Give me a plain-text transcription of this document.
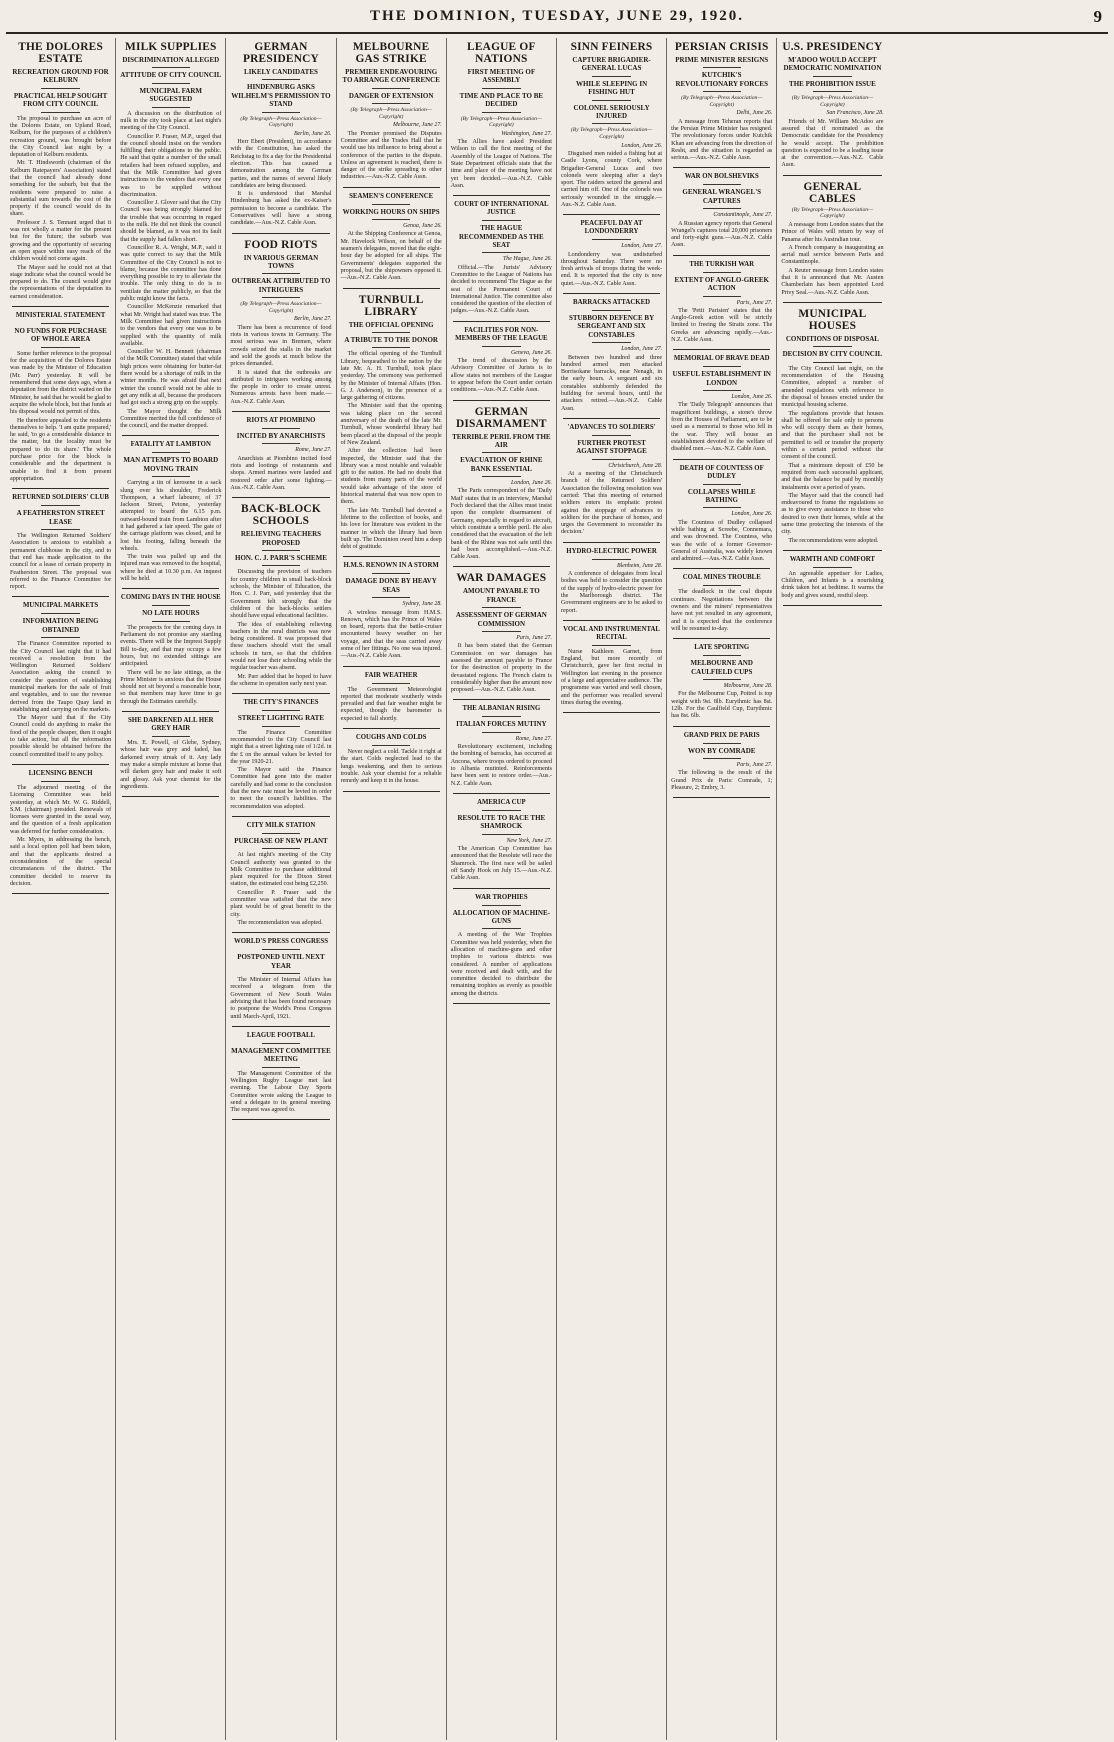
THE DOMINION, TUESDAY, JUNE 29, 1920.	9
THE DOLORES ESTATE
RECREATION GROUND FOR KELBURN
PRACTICAL HELP SOUGHT FROM CITY COUNCIL

The proposal to purchase an acre of the Dolores Estate, on Upland Road, Kelburn, for the purposes of a children's recreation ground, was brought before the City Council last night by a deputation of Kelburn residents.

Mr. T. Hindsworth (chairman of the Kelburn Ratepayers' Association) stated that the council had already done something for the suburb, but that the residents were prepared to raise a substantial sum towards the cost of the property if the council would do its share.

Professor J. S. Tennant urged that it was not wholly a matter for the present but for the future; the suburb was growing and the opportunity of securing an open space within easy reach of the children would not come again.

The Mayor said he could not at that stage indicate what the council would be prepared to do. The council would give the representations of the deputation its earnest consideration.

MINISTERIAL STATEMENT
NO FUNDS FOR PURCHASE OF WHOLE AREA

Some further reference to the proposal for the acquisition of the Dolores Estate was made by the Minister of Education (Mr. Parr) yesterday. It will be remembered that some days ago, when a deputation from the district waited on the Minister, he said that he would be glad to acquire the whole block, but that funds at his disposal would not permit of this.

He therefore appealed to the residents themselves to help. 'I am quite prepared,' he said, 'to go a considerable distance in the matter, but the locality must be prepared to do its share.' The whole purchase price for the block is considerable and the department is unable to find it from present appropriation.

RETURNED SOLDIERS' CLUB
A FEATHERSTON STREET LEASE

The Wellington Returned Soldiers' Association is anxious to establish a permanent clubhouse in the city, and to that end has made application to the council for a lease of certain property in Featherston Street. The proposal was referred to the Finance Committee for report.

MUNICIPAL MARKETS
INFORMATION BEING OBTAINED

The Finance Committee reported to the City Council last night that it had received a resolution from the Wellington Returned Soldiers' Association asking the council to consider the question of establishing municipal markets for the sale of fruit and vegetables, and to use the revenue derived from the Taupo Quay land in establishing and carrying on the markets.

The Mayor said that if the City Council could do anything to make the food of the people cheaper, then it ought to take action, but all the information possible should be obtained before the council committed itself to any policy.

LICENSING BENCH

The adjourned meeting of the Licensing Committee was held yesterday, at which Mr. W. G. Riddell, S.M. (chairman) presided. Renewals of licenses were granted in the usual way, and the question of a fresh application was deferred for further consideration.

Mr. Myers, in addressing the bench, said a local option poll had been taken, and that the applicants desired a reconsideration of the special circumstances of the district. The committee decided to reserve its decision.

MILK SUPPLIES
DISCRIMINATION ALLEGED
ATTITUDE OF CITY COUNCIL
MUNICIPAL FARM SUGGESTED

A discussion on the distribution of milk in the city took place at last night's meeting of the City Council.

Councillor P. Fraser, M.P., urged that the council should insist on the vendors fulfilling their obligations to the public. He said that quite a number of the small retailers had been refused supplies, and that the Milk Committee had given instructions to the vendors that every one was to be supplied without discrimination.

Councillor J. Glover said that the City Council was being strongly blamed for the trouble that was occurring in regard to the milk. He did not think the council should be blamed, as it was not its fault that the supply had fallen short.

Councillor R. A. Wright, M.P., said it was quite correct to say that the Milk Committee of the City Council is not to blame, because the committee has done everything possible to try to alleviate the trouble. The only thing to do is to ventilate the matter publicly, so that the public might know the facts.

Councillor McKenzie remarked that what Mr. Wright had stated was true. The Milk Committee had given instructions to the vendors that every one was to be supplied with the quantity of milk available.

Councillor W. H. Bennett (chairman of the Milk Committee) stated that while high prices were obtaining for butter-fat there would be a shortage of milk in the winter months. He was afraid that next winter the council would not be able to get any milk at all, because the producers had got such a strong grip on the supply.

The Mayor thought the Milk Committee merited the full confidence of the council, and the matter dropped.

FATALITY AT LAMBTON
MAN ATTEMPTS TO BOARD MOVING TRAIN

Carrying a tin of kerosene in a sack slung over his shoulder, Frederick Thompson, a wharf labourer, of 37 Jackson Street, Petone, yesterday attempted to board the 6.15 p.m. outward-bound train from Lambton after it had gathered a fair speed. The gate of the carriage platform was closed, and he lost his footing, falling beneath the wheels.

The train was pulled up and the injured man was removed to the hospital, where he died at 10.30 p.m. An inquest will be held.

COMING DAYS IN THE HOUSE
NO LATE HOURS

The prospects for the coming days in Parliament do not promise any startling events. There will be the Imprest Supply Bill to-day, and that may occupy a few hours, but no extended sittings are anticipated.

There will be no late sittings, as the Prime Minister is anxious that the House should not sit beyond a reasonable hour, so that members may have time to go through the Estimates carefully.

SHE DARKENED ALL HER GREY HAIR

Mrs. E. Powell, of Glebe, Sydney, whose hair was grey and faded, has darkened every streak of it. Any lady may make a simple mixture at home that will darken grey hair and make it soft and glossy. Ask your chemist for the ingredients.

GERMAN PRESIDENCY
LIKELY CANDIDATES
HINDENBURG ASKS WILHELM'S PERMISSION TO STAND
(By Telegraph—Press Association—Copyright)
Berlin, June 26.

Herr Ebert (President), in accordance with the Constitution, has asked the Reichstag to fix a day for the Presidential election. This has caused a demonstration among the German parties, and the names of several likely candidates are being discussed.

It is understood that Marshal Hindenburg has asked the ex-Kaiser's permission to become a candidate. The Conservatives will have a strong candidate.—Aus.-N.Z. Cable Assn.

FOOD RIOTS
IN VARIOUS GERMAN TOWNS
OUTBREAK ATTRIBUTED TO INTRIGUERS
(By Telegraph—Press Association—Copyright)
Berlin, June 27.

There has been a recurrence of food riots in various towns in Germany. The most serious was in Bremen, where crowds seized the stalls in the market and sold the goods at much below the prices demanded.

It is stated that the outbreaks are attributed to intriguers working among the people in order to create unrest. Numerous arrests have been made.—Aus.-N.Z. Cable Assn.

RIOTS AT PIOMBINO
INCITED BY ANARCHISTS
Rome, June 27.

Anarchists at Piombino incited food riots and lootings of restaurants and shops. Armed marines were landed and restored order after some fighting.—Aus.-N.Z. Cable Assn.

BACK-BLOCK SCHOOLS
RELIEVING TEACHERS PROPOSED
HON. C. J. PARR'S SCHEME

Discussing the provision of teachers for country children in small back-block schools, the Minister of Education, the Hon. C. J. Parr, said yesterday that the Government felt strongly that the children of the back-blocks settlers should have equal educational facilities.

The idea of establishing relieving teachers in the rural districts was now being considered. It was proposed that these teachers should visit the small schools in turn, so that the children would not lose their schooling while the regular teacher was absent.

Mr. Parr added that he hoped to have the scheme in operation early next year.

THE CITY'S FINANCES
STREET LIGHTING RATE

The Finance Committee recommended to the City Council last night that a street lighting rate of 1/2d. in the £ on the annual values be levied for the year 1920-21.

The Mayor said the Finance Committee had gone into the matter carefully and had come to the conclusion that the new rate must be levied in order to meet the council's liabilities. The recommendation was adopted.

CITY MILK STATION
PURCHASE OF NEW PLANT

At last night's meeting of the City Council authority was granted to the Milk Committee to purchase additional plant required for the Dixon Street station, the estimated cost being £2,250.

Councillor P. Fraser said the committee was satisfied that the new plant would be of great benefit to the city.

The recommendation was adopted.

WORLD'S PRESS CONGRESS
POSTPONED UNTIL NEXT YEAR

The Minister of Internal Affairs has received a telegram from the Government of New South Wales advising that it has been found necessary to postpone the World's Press Congress until March-April, 1921.

LEAGUE FOOTBALL
MANAGEMENT COMMITTEE MEETING

The Management Committee of the Wellington Rugby League met last evening. The Labour Day Sports Committee wrote asking the League to send a delegate to its general meeting. The request was agreed to.

MELBOURNE GAS STRIKE
PREMIER ENDEAVOURING TO ARRANGE CONFERENCE
DANGER OF EXTENSION
(By Telegraph—Press Association—Copyright)
Melbourne, June 27.

The Premier promised the Disputes Committee and the Trades Hall that he would use his influence to bring about a conference of the parties to the dispute. Unless an agreement is reached, there is danger of the strike spreading to other industries.—Aus.-N.Z. Cable Assn.

SEAMEN'S CONFERENCE
WORKING HOURS ON SHIPS
Genoa, June 26.

At the Shipping Conference at Genoa, Mr. Havelock Wilson, on behalf of the seamen's delegates, moved that the eight-hour day be adopted for all ships. The Governments' delegates supported the proposal, but the shipowners opposed it.—Aus.-N.Z. Cable Assn.

TURNBULL LIBRARY
THE OFFICIAL OPENING
A TRIBUTE TO THE DONOR

The official opening of the Turnbull Library, bequeathed to the nation by the late Mr. A. H. Turnbull, took place yesterday. The ceremony was performed by the Minister of Internal Affairs (Hon. G. J. Anderson), in the presence of a large gathering of citizens.

The Minister said that the opening was taking place on the second anniversary of the death of the late Mr. Turnbull, whose wonderful library had been placed at the disposal of the people of New Zealand.

After the collection had been inspected, the Minister said that the library was a most notable and valuable gift to the nation. He had no doubt that students from many parts of the world would take advantage of the store of historical material that was now open to them.

The late Mr. Turnbull had devoted a lifetime to the collection of books, and his love for literature was evident in the manner in which the library had been built up. The Dominion owed him a deep debt of gratitude.

H.M.S. RENOWN IN A STORM
DAMAGE DONE BY HEAVY SEAS
Sydney, June 28.

A wireless message from H.M.S. Renown, which has the Prince of Wales on board, reports that the battle-cruiser encountered heavy weather on her voyage, and that the seas carried away some of her fittings. No one was injured.—Aus.-N.Z. Cable Assn.

FAIR WEATHER

The Government Meteorologist reported that moderate southerly winds prevailed and that fair weather might be expected, though the barometer is expected to fall shortly.

COUGHS AND COLDS

Never neglect a cold. Tackle it right at the start. Colds neglected lead to the lungs weakening, and then to serious trouble. Ask your chemist for a reliable remedy and keep it in the house.

LEAGUE OF NATIONS
FIRST MEETING OF ASSEMBLY
TIME AND PLACE TO BE DECIDED
(By Telegraph—Press Association—Copyright)
Washington, June 27.

The Allies have asked President Wilson to call the first meeting of the Assembly of the League of Nations. The State Department officials state that the time and place of the meeting have not yet been decided.—Aus.-N.Z. Cable Assn.

COURT OF INTERNATIONAL JUSTICE
THE HAGUE RECOMMENDED AS THE SEAT
The Hague, June 26.

Official.—The Jurists' Advisory Committee to the League of Nations has decided to recommend The Hague as the seat of the Permanent Court of International Justice. The committee also considered the question of the election of judges.—Aus.-N.Z. Cable Assn.

FACILITIES FOR NON-MEMBERS OF THE LEAGUE
Geneva, June 26.

The trend of discussion by the Advisory Committee of Jurists is to allow states not members of the League to appear before the Court under certain conditions.—Aus.-N.Z. Cable Assn.

GERMAN DISARMAMENT
TERRIBLE PERIL FROM THE AIR
EVACUATION OF RHINE BANK ESSENTIAL
London, June 26.

The Paris correspondent of the 'Daily Mail' states that in an interview, Marshal Foch declared that the Allies must insist upon the complete disarmament of Germany, especially in regard to aircraft, which constitute a terrible peril. He also considered that the evacuation of the left bank of the Rhine was not safe until this had been accomplished.—Aus.-N.Z. Cable Assn.

WAR DAMAGES
AMOUNT PAYABLE TO FRANCE
ASSESSMENT OF GERMAN COMMISSION
Paris, June 27.

It has been stated that the German Commission on war damages has assessed the amount payable to France for the destruction of property in the devastated regions. The French claim is considerably higher than the amount now proposed.—Aus.-N.Z. Cable Assn.

THE ALBANIAN RISING
ITALIAN FORCES MUTINY
Rome, June 27.

Revolutionary excitement, including the bombing of barracks, has occurred at Ancona, where troops ordered to proceed to Albania mutinied. Reinforcements have been sent to restore order.—Aus.-N.Z. Cable Assn.

AMERICA CUP
RESOLUTE TO RACE THE SHAMROCK
New York, June 27.

The American Cup Committee has announced that the Resolute will race the Shamrock. The first race will be sailed off Sandy Hook on July 15.—Aus.-N.Z. Cable Assn.

WAR TROPHIES
ALLOCATION OF MACHINE-GUNS

A meeting of the War Trophies Committee was held yesterday, when the allocation of machine-guns and other trophies to various districts was considered. A number of applications were received and dealt with, and the committee decided to distribute the remaining trophies as evenly as possible among the districts.

SINN FEINERS
CAPTURE BRIGADIER-GENERAL LUCAS
WHILE SLEEPING IN FISHING HUT
COLONEL SERIOUSLY INJURED
(By Telegraph—Press Association—Copyright)
London, June 26.

Disguised men raided a fishing hut at Castle Lyons, county Cork, where Brigadier-General Lucas and two colonels were sleeping after a day's sport. The raiders seized the general and carried him off. One of the colonels was seriously wounded in the struggle.—Aus.-N.Z. Cable Assn.

PEACEFUL DAY AT LONDONDERRY
London, June 27.

Londonderry was undisturbed throughout Saturday. There were no fresh arrivals of troops during the week-end. It is reported that the city is now quiet.—Aus.-N.Z. Cable Assn.

BARRACKS ATTACKED
STUBBORN DEFENCE BY SERGEANT AND SIX CONSTABLES
London, June 27.

Between two hundred and three hundred armed men attacked Borrisokane barracks, near Nenagh, in the early hours. A sergeant and six constables stubbornly defended the building for several hours, until the attackers retired.—Aus.-N.Z. Cable Assn.

'ADVANCES TO SOLDIERS'
FURTHER PROTEST AGAINST STOPPAGE
Christchurch, June 28.

At a meeting of the Christchurch branch of the Returned Soldiers' Association the following resolution was carried: 'That this meeting of returned soldiers enters its emphatic protest against the stoppage of advances to soldiers for the purchase of homes, and urges the Government to reconsider its decision.'

HYDRO-ELECTRIC POWER
Blenheim, June 28.

A conference of delegates from local bodies was held to consider the question of the supply of hydro-electric power for the Marlborough district. The Government engineers are to be asked to report.

VOCAL AND INSTRUMENTAL RECITAL

Nurse Kathleen Garnet, from England, but more recently of Christchurch, gave her first recital in Wellington last evening in the presence of a large and appreciative audience. The programme was varied and well chosen, and the performer was recalled several times during the evening.

PERSIAN CRISIS
PRIME MINISTER RESIGNS
KUTCHIK'S REVOLUTIONARY FORCES
(By Telegraph—Press Association—Copyright)
Delhi, June 26.

A message from Teheran reports that the Persian Prime Minister has resigned. The revolutionary forces under Kutchik Khan are advancing from the direction of Resht, and the situation is regarded as serious.—Aus.-N.Z. Cable Assn.

WAR ON BOLSHEVIKS
GENERAL WRANGEL'S CAPTURES
Constantinople, June 27.

A Russian agency reports that General Wrangel's captures total 20,000 prisoners and forty-eight guns.—Aus.-N.Z. Cable Assn.

THE TURKISH WAR
EXTENT OF ANGLO-GREEK ACTION
Paris, June 27.

The 'Petit Parisien' states that the Anglo-Greek action will be strictly limited to freeing the Straits zone. The Greeks are advancing rapidly.—Aus.-N.Z. Cable Assn.

MEMORIAL OF BRAVE DEAD
USEFUL ESTABLISHMENT IN LONDON
London, June 26.

The 'Daily Telegraph' announces that magnificent buildings, a stone's throw from the Houses of Parliament, are to be used as a memorial to those who fell in the war. They will house an establishment devoted to the welfare of disabled men.—Aus.-N.Z. Cable Assn.

DEATH OF COUNTESS OF DUDLEY
COLLAPSES WHILE BATHING
London, June 26.

The Countess of Dudley collapsed while bathing at Screebe, Connemara, and was drowned. The Countess, who was the wife of a former Governor-General of Australia, was widely known and admired.—Aus.-N.Z. Cable Assn.

COAL MINES TROUBLE

The deadlock in the coal dispute continues. Negotiations between the owners and the miners' representatives have not yet resulted in any agreement, and it is expected that the conference will be resumed to-day.

LATE SPORTING
MELBOURNE AND CAULFIELD CUPS
Melbourne, June 28.

For the Melbourne Cup, Poitrel is top weight with 9st. 8lb. Eurythmic has 8st. 12lb. For the Caulfield Cup, Eurythmic has 8st. 6lb.

GRAND PRIX DE PARIS
WON BY COMRADE
Paris, June 27.

The following is the result of the Grand Prix de Paris: Comrade, 1; Pleasure, 2; Embry, 3.

U.S. PRESIDENCY
M'ADOO WOULD ACCEPT DEMOCRATIC NOMINATION
THE PROHIBITION ISSUE
(By Telegraph—Press Association—Copyright)
San Francisco, June 28.

Friends of Mr. William McAdoo are assured that if nominated as the Democratic candidate for the Presidency he would accept. The prohibition question is expected to be a leading issue at the convention.—Aus.-N.Z. Cable Assn.

GENERAL CABLES
(By Telegraph—Press Association—Copyright)

A message from London states that the Prince of Wales will return by way of Panama after his Australian tour.

A French company is inaugurating an aerial mail service between Paris and Constantinople.

A Reuter message from London states that it is announced that Mr. Austen Chamberlain has been appointed Lord Privy Seal.—Aus.-N.Z. Cable Assn.

MUNICIPAL HOUSES
CONDITIONS OF DISPOSAL
DECISION BY CITY COUNCIL

The City Council last night, on the recommendation of the Housing Committee, adopted a number of amended regulations with reference to the disposal of houses erected under the municipal housing scheme.

The regulations provide that houses shall be offered for sale only to persons who will occupy them as their homes, and that the purchaser shall not be permitted to sell or transfer the property within a certain period without the consent of the council.

That a minimum deposit of £50 be required from each successful applicant, and that the balance be paid by monthly instalments over a period of years.

The Mayor said that the council had endeavoured to frame the regulations so as to give every assistance to those who desired to own their homes, while at the same time protecting the interests of the city.

The recommendations were adopted.

WARMTH AND COMFORT

An agreeable appetiser for Ladies, Children, and Infants is a nourishing drink taken hot at bedtime. It warms the body and gives sound, restful sleep.
